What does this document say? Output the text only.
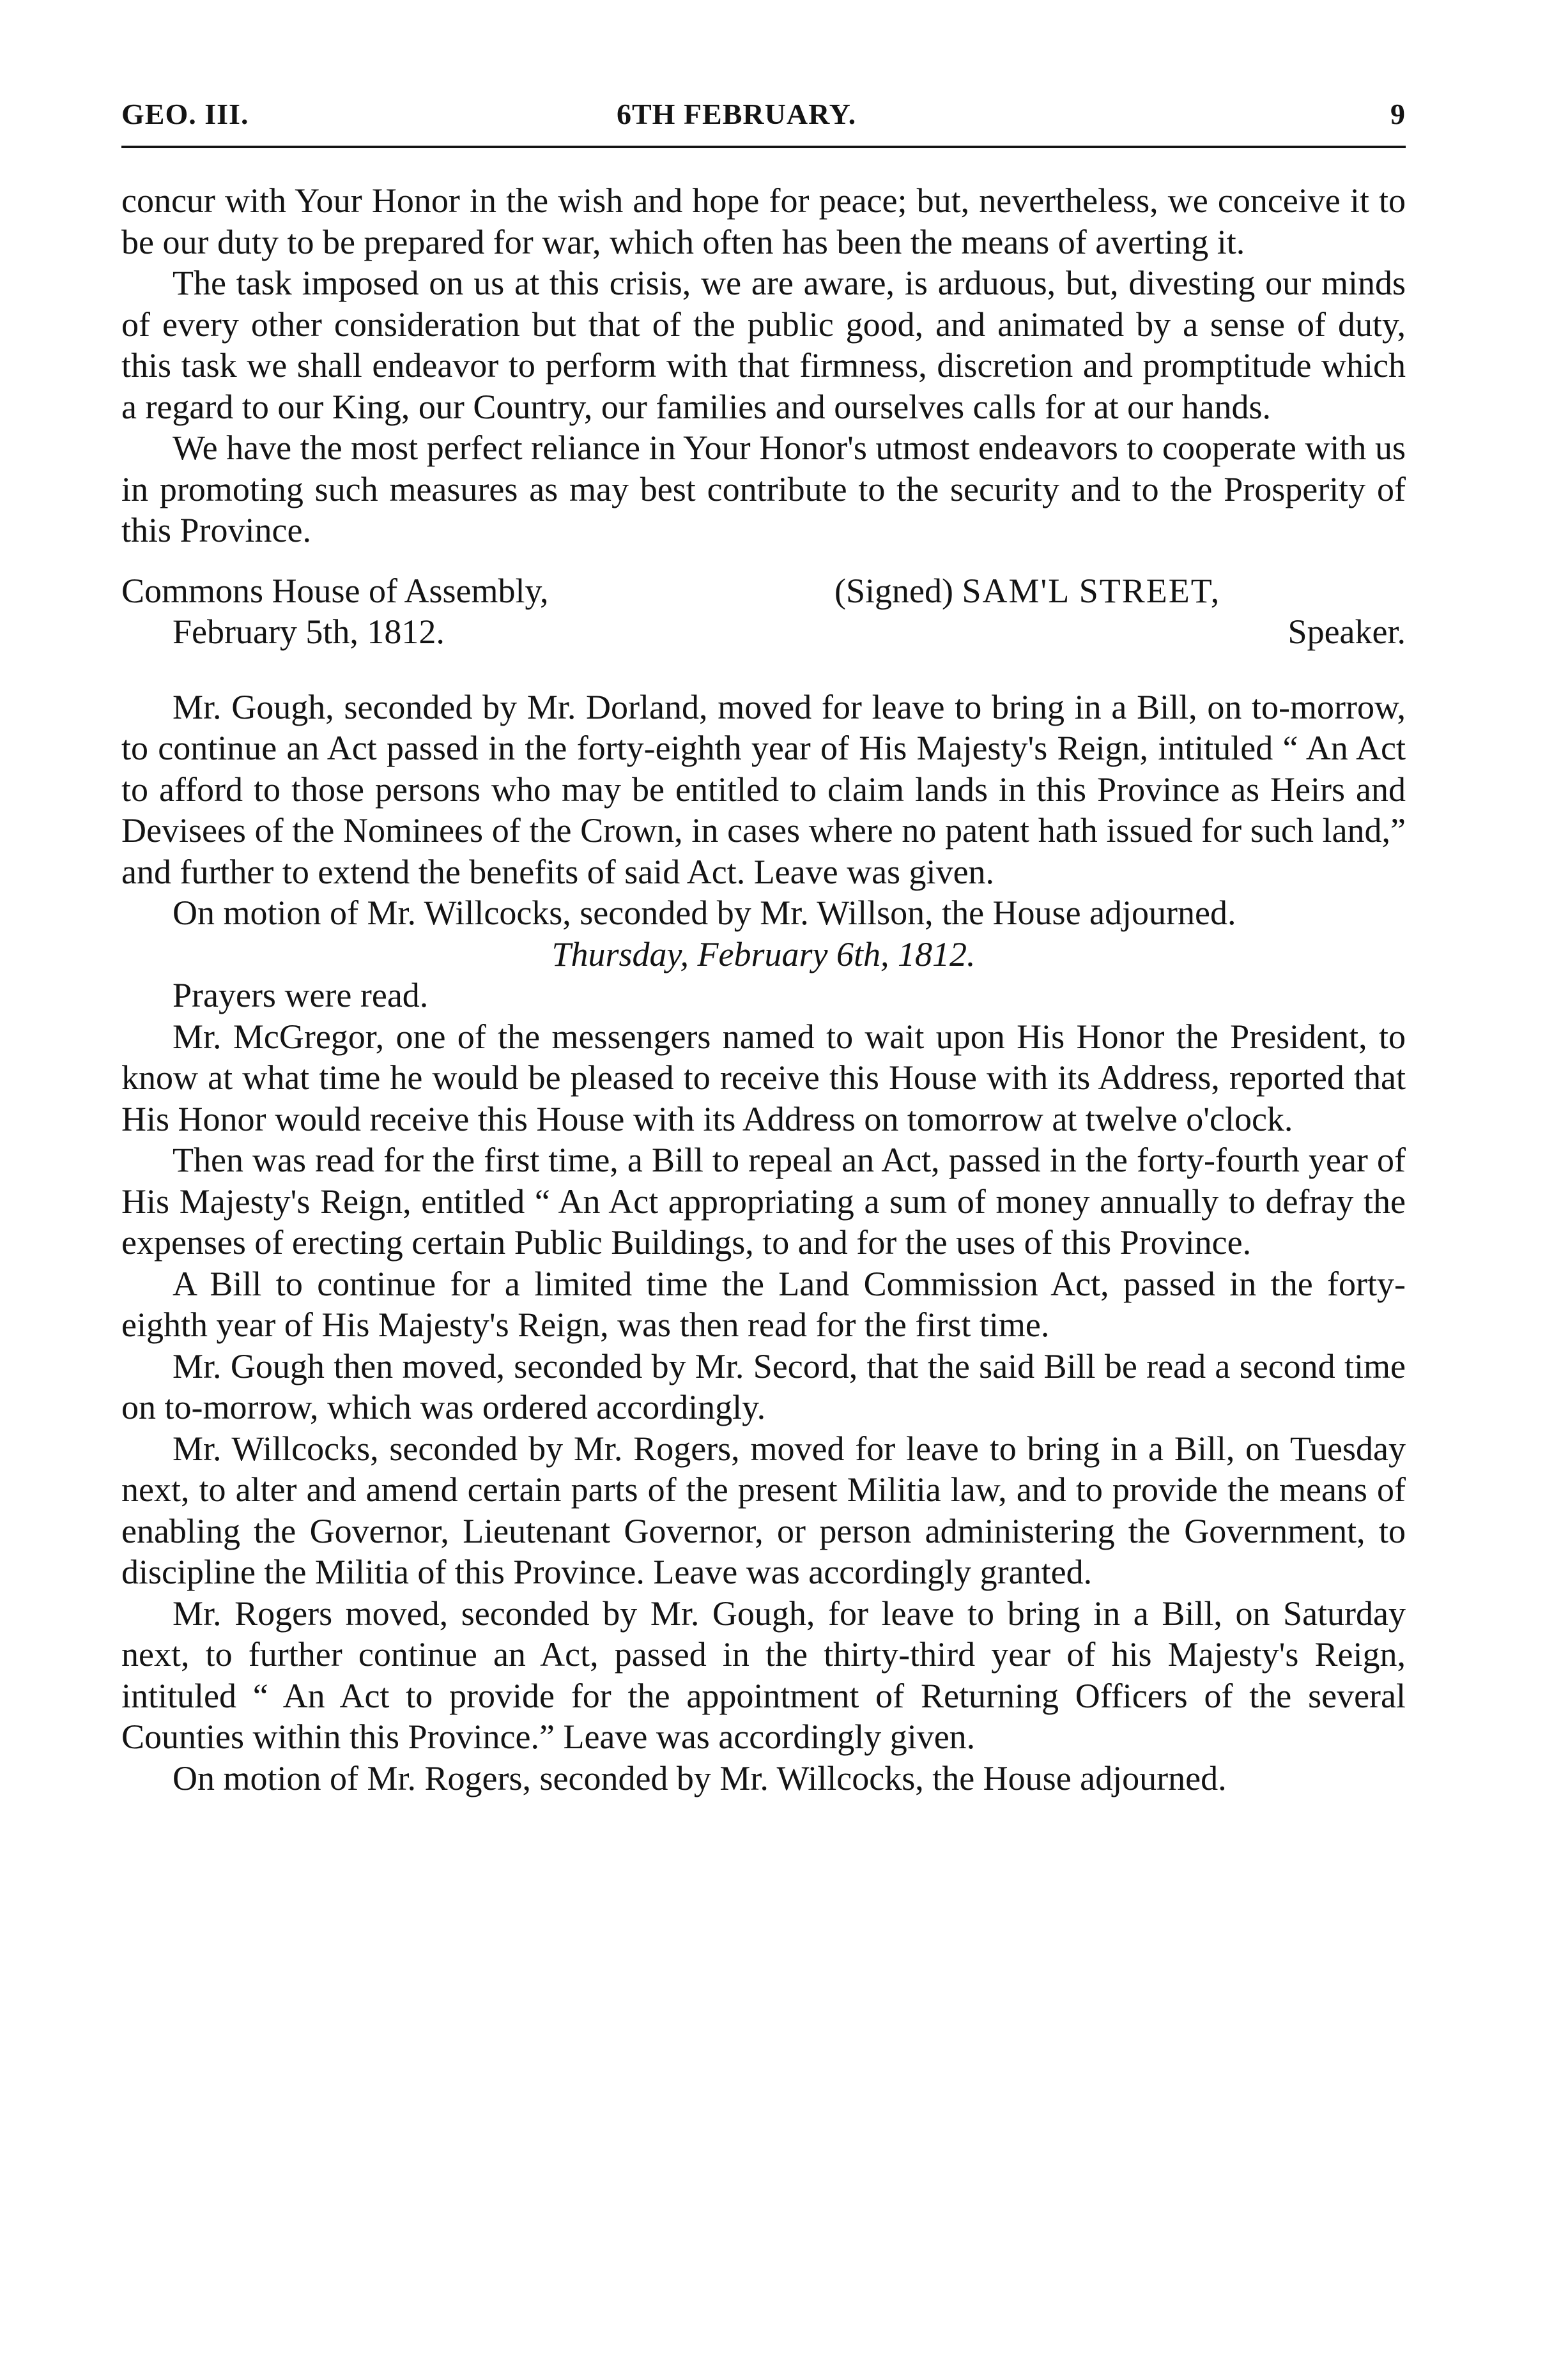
GEO. III.	6TH FEBRUARY.	9

concur with Your Honor in the wish and hope for peace; but, nevertheless, we conceive it to be our duty to be prepared for war, which often has been the means of averting it.

The task imposed on us at this crisis, we are aware, is arduous, but, divesting our minds of every other consideration but that of the public good, and animated by a sense of duty, this task we shall endeavor to perform with that firmness, discretion and promptitude which a regard to our King, our Country, our families and ourselves calls for at our hands.

We have the most perfect reliance in Your Honor's utmost endeavors to cooperate with us in promoting such measures as may best contribute to the security and to the Prosperity of this Province.

Commons House of Assembly,
February 5th, 1812.
(Signed) SAM'L STREET,
Speaker.

Mr. Gough, seconded by Mr. Dorland, moved for leave to bring in a Bill, on to-morrow, to continue an Act passed in the forty-eighth year of His Majesty's Reign, intituled “ An Act to afford to those persons who may be entitled to claim lands in this Province as Heirs and Devisees of the Nominees of the Crown, in cases where no patent hath issued for such land,” and further to extend the benefits of said Act. Leave was given.

On motion of Mr. Willcocks, seconded by Mr. Willson, the House adjourned.

Thursday, February 6th, 1812.

Prayers were read.

Mr. McGregor, one of the messengers named to wait upon His Honor the President, to know at what time he would be pleased to receive this House with its Address, reported that His Honor would receive this House with its Address on tomorrow at twelve o'clock.

Then was read for the first time, a Bill to repeal an Act, passed in the forty-fourth year of His Majesty's Reign, entitled “ An Act appropriating a sum of money annually to defray the expenses of erecting certain Public Buildings, to and for the uses of this Province.

A Bill to continue for a limited time the Land Commission Act, passed in the forty-eighth year of His Majesty's Reign, was then read for the first time.

Mr. Gough then moved, seconded by Mr. Secord, that the said Bill be read a second time on to-morrow, which was ordered accordingly.

Mr. Willcocks, seconded by Mr. Rogers, moved for leave to bring in a Bill, on Tuesday next, to alter and amend certain parts of the present Militia law, and to provide the means of enabling the Governor, Lieutenant Governor, or person administering the Government, to discipline the Militia of this Province. Leave was accordingly granted.

Mr. Rogers moved, seconded by Mr. Gough, for leave to bring in a Bill, on Saturday next, to further continue an Act, passed in the thirty-third year of his Majesty's Reign, intituled “ An Act to provide for the appointment of Returning Officers of the several Counties within this Province.” Leave was accordingly given.

On motion of Mr. Rogers, seconded by Mr. Willcocks, the House adjourned.
